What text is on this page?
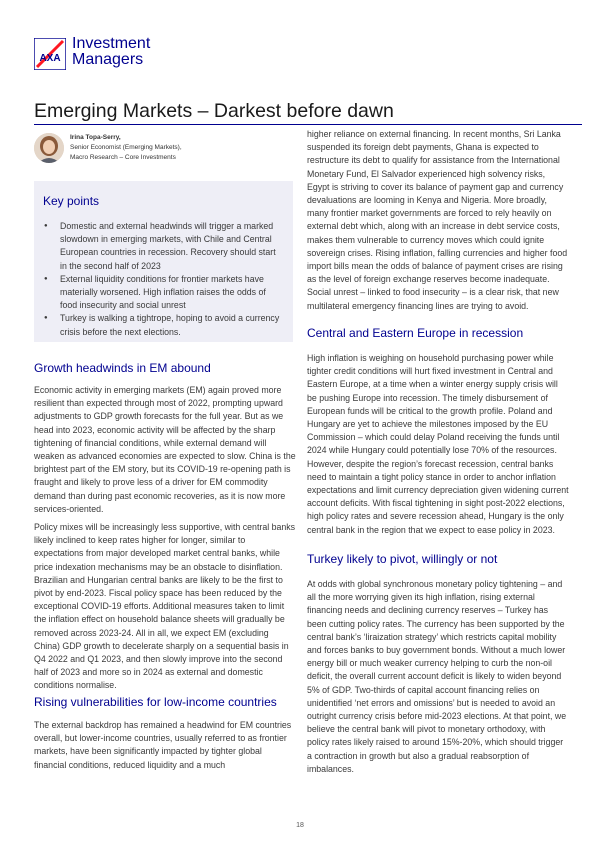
AXA
Investment
Managers
Emerging Markets – Darkest before dawn
Irina Topa-Serry,
Senior Economist (Emerging Markets),
Macro Research – Core Investments
Key points
● Domestic and external headwinds will trigger a marked slowdown in emerging markets, with Chile and Central European countries in recession. Recovery should start in the second half of 2023
● External liquidity conditions for frontier markets have materially worsened. High inflation raises the odds of food insecurity and social unrest
● Turkey is walking a tightrope, hoping to avoid a currency crisis before the next elections.
Growth headwinds in EM abound

Economic activity in emerging markets (EM) again proved more resilient than expected through most of 2022, prompting upward adjustments to GDP growth forecasts for the full year. But as we head into 2023, economic activity will be affected by the sharp tightening of financial conditions, while external demand will weaken as advanced economies are expected to slow. China is the brightest part of the EM story, but its COVID-19 re-opening path is fraught and likely to prove less of a driver for EM commodity demand than during past economic recoveries, as it is now more services-oriented.

Policy mixes will be increasingly less supportive, with central banks likely inclined to keep rates higher for longer, similar to expectations from major developed market central banks, while price indexation mechanisms may be an obstacle to disinflation. Brazilian and Hungarian central banks are likely to be the first to pivot by end-2023. Fiscal policy space has been reduced by the exceptional COVID-19 efforts. Additional measures taken to limit the inflation effect on household balance sheets will gradually be removed across 2023-24. All in all, we expect EM (excluding China) GDP growth to decelerate sharply on a sequential basis in Q4 2022 and Q1 2023, and then slowly improve into the second half of 2023 and more so in 2024 as external and domestic conditions normalise.

Rising vulnerabilities for low-income countries

The external backdrop has remained a headwind for EM countries overall, but lower-income countries, usually referred to as frontier markets, have been significantly impacted by tighter global financial conditions, reduced liquidity and a much

higher reliance on external financing. In recent months, Sri Lanka suspended its foreign debt payments, Ghana is expected to restructure its debt to qualify for assistance from the International Monetary Fund, El Salvador experienced high solvency risks, Egypt is striving to cover its balance of payment gap and currency devaluations are looming in Kenya and Nigeria. More broadly, many frontier market governments are forced to rely heavily on external debt which, along with an increase in debt service costs, makes them vulnerable to currency moves which could ignite sovereign crises. Rising inflation, falling currencies and higher food import bills mean the odds of balance of payment crises are rising as the level of foreign exchange reserves become inadequate. Social unrest – linked to food insecurity – is a clear risk, that new multilateral emergency financing lines are trying to avoid.

Central and Eastern Europe in recession

High inflation is weighing on household purchasing power while tighter credit conditions will hurt fixed investment in Central and Eastern Europe, at a time when a winter energy supply crisis will be pushing Europe into recession. The timely disbursement of European funds will be critical to the growth profile. Poland and Hungary are yet to achieve the milestones imposed by the EU Commission – which could delay Poland receiving the funds until 2024 while Hungary could potentially lose 70% of the resources. However, despite the region’s forecast recession, central banks need to maintain a tight policy stance in order to anchor inflation expectations and limit currency depreciation given widening current account deficits. With fiscal tightening in sight post-2022 elections, high policy rates and severe recession ahead, Hungary is the only central bank in the region that we expect to ease policy in 2023.

Turkey likely to pivot, willingly or not

At odds with global synchronous monetary policy tightening – and all the more worrying given its high inflation, rising external financing needs and declining currency reserves – Turkey has been cutting policy rates. The currency has been supported by the central bank’s ‘liraization strategy’ which restricts capital mobility and forces banks to buy government bonds. Without a much lower energy bill or much weaker currency helping to curb the non-oil deficit, the overall current account deficit is likely to widen beyond 5% of GDP. Two-thirds of capital account financing relies on unidentified ‘net errors and omissions’ but is needed to avoid an outright currency crisis before mid-2023 elections. At that point, we believe the central bank will pivot to monetary orthodoxy, with policy rates likely raised to around 15%-20%, which should trigger a contraction in growth but also a gradual reabsorption of imbalances.

18
